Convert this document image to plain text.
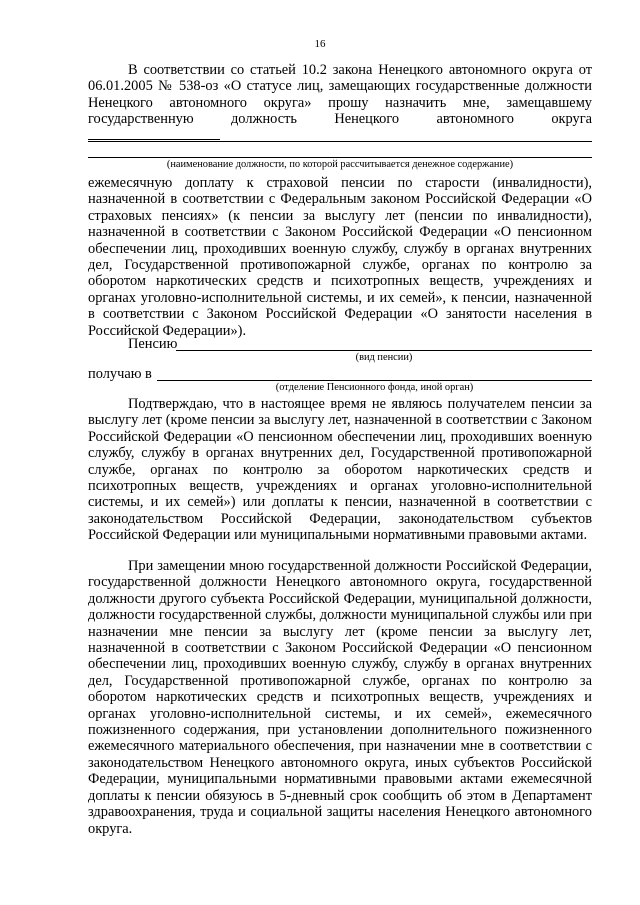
16
В соответствии со статьей 10.2 закона Ненецкого автономного округа от 06.01.2005 № 538-оз «О статусе лиц, замещающих государственные должности Ненецкого автономного округа» прошу назначить мне, замещавшему государственную должность Ненецкого автономного округа
(наименование должности, по которой рассчитывается денежное содержание)
ежемесячную доплату к страховой пенсии по старости (инвалидности), назначенной в соответствии с Федеральным законом Российской Федерации «О страховых пенсиях» (к пенсии за выслугу лет (пенсии по инвалидности), назначенной в соответствии с Законом Российской Федерации «О пенсионном обеспечении лиц, проходивших военную службу, службу в органах внутренних дел, Государственной противопожарной службе, органах по контролю за оборотом наркотических средств и психотропных веществ, учреждениях и органах уголовно-исполнительной системы, и их семей», к пенсии, назначенной в соответствии с Законом Российской Федерации «О занятости населения в Российской Федерации»).
Пенсию
(вид пенсии)
получаю в
(отделение Пенсионного фонда, иной орган)
Подтверждаю, что в настоящее время не являюсь получателем пенсии за выслугу лет (кроме пенсии за выслугу лет, назначенной в соответствии с Законом Российской Федерации «О пенсионном обеспечении лиц, проходивших военную службу, службу в органах внутренних дел, Государственной противопожарной службе, органах по контролю за оборотом наркотических средств и психотропных веществ, учреждениях и органах уголовно-исполнительной системы, и их семей») или доплаты к пенсии, назначенной в соответствии с законодательством Российской Федерации, законодательством субъектов Российской Федерации или муниципальными нормативными правовыми актами.
При замещении мною государственной должности Российской Федерации, государственной должности Ненецкого автономного округа, государственной должности другого субъекта Российской Федерации, муниципальной должности, должности государственной службы, должности муниципальной службы или при назначении мне пенсии за выслугу лет (кроме пенсии за выслугу лет, назначенной в соответствии с Законом Российской Федерации «О пенсионном обеспечении лиц, проходивших военную службу, службу в органах внутренних дел, Государственной противопожарной службе, органах по контролю за оборотом наркотических средств и психотропных веществ, учреждениях и органах уголовно-исполнительной системы, и их семей», ежемесячного пожизненного содержания, при установлении дополнительного пожизненного ежемесячного материального обеспечения, при назначении мне в соответствии с законодательством Ненецкого автономного округа, иных субъектов Российской Федерации, муниципальными нормативными правовыми актами ежемесячной доплаты к пенсии обязуюсь в 5-дневный срок сообщить об этом в Департамент здравоохранения, труда и социальной защиты населения Ненецкого автономного округа.
